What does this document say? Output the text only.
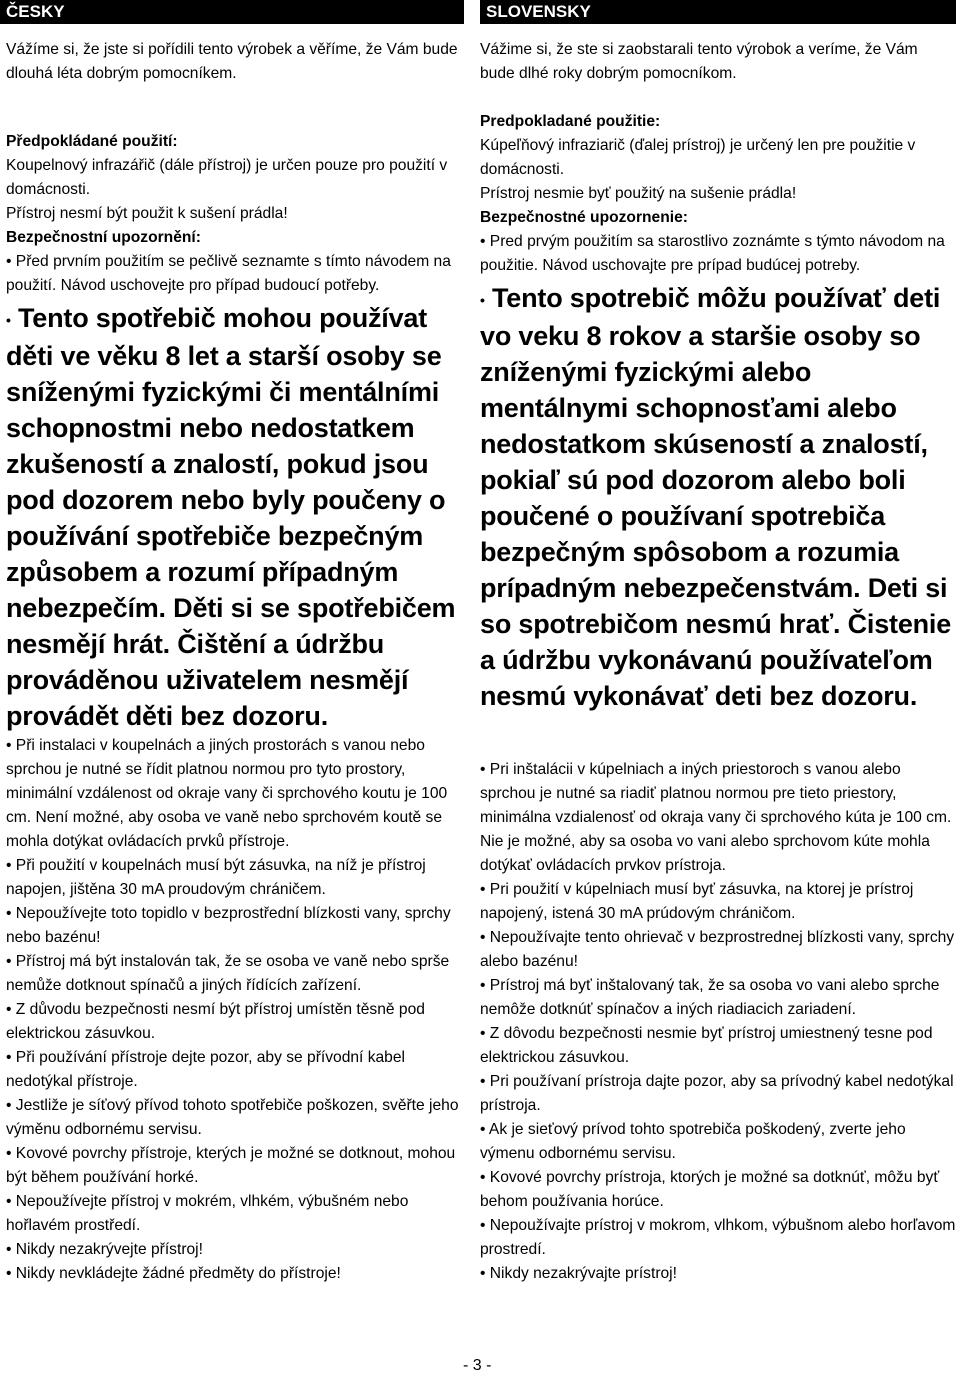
ČESKY

Vážíme si, že jste si pořídili tento výrobek a věříme, že Vám bude dlouhá léta dobrým pomocníkem.

Předpokládané použití:

Koupelnový infrazářič (dále přístroj) je určen pouze pro použití v domácnosti.

Přístroj nesmí být použit k sušení prádla!

Bezpečnostní upozornění:

• Před prvním použitím se pečlivě seznamte s tímto návodem na použití. Návod uschovejte pro případ budoucí potřeby.

• Tento spotřebič mohou používat děti ve věku 8 let a starší osoby se sníženými fyzickými či mentálními schopnostmi nebo nedostatkem zkušeností a znalostí, pokud jsou pod dozorem nebo byly poučeny o používání spotřebiče bezpečným způsobem a rozumí případným nebezpečím. Děti si se spotřebičem nesmějí hrát. Čištění a údržbu prováděnou uživatelem nesmějí provádět děti bez dozoru.

• Při instalaci v koupelnách a jiných prostorách s vanou nebo sprchou je nutné se řídit platnou normou pro tyto prostory, minimální vzdálenost od okraje vany či sprchového koutu je 100 cm. Není možné, aby osoba ve vaně nebo sprchovém koutě se mohla dotýkat ovládacích prvků přístroje.

• Při použití v koupelnách musí být zásuvka, na níž je přístroj napojen, jištěna 30 mA proudovým chráničem.

• Nepoužívejte toto topidlo v bezprostřední blízkosti vany, sprchy nebo bazénu!

• Přístroj má být instalován tak, že se osoba ve vaně nebo sprše nemůže dotknout spínačů a jiných řídících zařízení.

• Z důvodu bezpečnosti nesmí být přístroj umístěn těsně pod elektrickou zásuvkou.

• Při používání přístroje dejte pozor, aby se přívodní kabel nedotýkal přístroje.

• Jestliže je síťový přívod tohoto spotřebiče poškozen, svěřte jeho výměnu odbornému servisu.

• Kovové povrchy přístroje, kterých je možné se dotknout, mohou být během používání horké.

• Nepoužívejte přístroj v mokrém, vlhkém, výbušném nebo hořlavém prostředí.

• Nikdy nezakrývejte přístroj!

• Nikdy nevkládejte žádné předměty do přístroje!

SLOVENSKY

Vážime si, že ste si zaobstarali tento výrobok a veríme, že Vám bude dlhé roky dobrým pomocníkom.

Predpokladané použitie:

Kúpeľňový infraziarič (ďalej prístroj) je určený len pre použitie v domácnosti.

Prístroj nesmie byť použitý na sušenie prádla!

Bezpečnostné upozornenie:

• Pred prvým použitím sa starostlivo zoznámte s týmto návodom na použitie. Návod uschovajte pre prípad budúcej potreby.

• Tento spotrebič môžu používať deti vo veku 8 rokov a staršie osoby so zníženými fyzickými alebo mentálnymi schopnosťami alebo nedostatkom skúseností a znalostí, pokiaľ sú pod dozorom alebo boli poučené o používaní spotrebiča bezpečným spôsobom a rozumia prípadným nebezpečenstvám. Deti si so spotrebičom nesmú hrať. Čistenie a údržbu vykonávanú používateľom nesmú vykonávať deti bez dozoru.

• Pri inštalácii v kúpelniach a iných priestoroch s vanou alebo sprchou je nutné sa riadiť platnou normou pre tieto priestory, minimálna vzdialenosť od okraja vany či sprchového kúta je 100 cm. Nie je možné, aby sa osoba vo vani alebo sprchovom kúte mohla dotýkať ovládacích prvkov prístroja.

• Pri použití v kúpelniach musí byť zásuvka, na ktorej je prístroj napojený, istená 30 mA prúdovým chráničom.

• Nepoužívajte tento ohrievač v bezprostrednej blízkosti vany, sprchy alebo bazénu!

• Prístroj má byť inštalovaný tak, že sa osoba vo vani alebo sprche nemôže dotknúť spínačov a iných riadiacich zariadení.

• Z dôvodu bezpečnosti nesmie byť prístroj umiestnený tesne pod elektrickou zásuvkou.

• Pri používaní prístroja dajte pozor, aby sa prívodný kabel nedotýkal prístroja.

• Ak je sieťový prívod tohto spotrebiča poškodený, zverte jeho výmenu odbornému servisu.

• Kovové povrchy prístroja, ktorých je možné sa dotknúť, môžu byť behom používania horúce.

• Nepoužívajte prístroj v mokrom, vlhkom, výbušnom alebo horľavom prostredí.

• Nikdy nezakrývajte prístroj!

- 3 -
